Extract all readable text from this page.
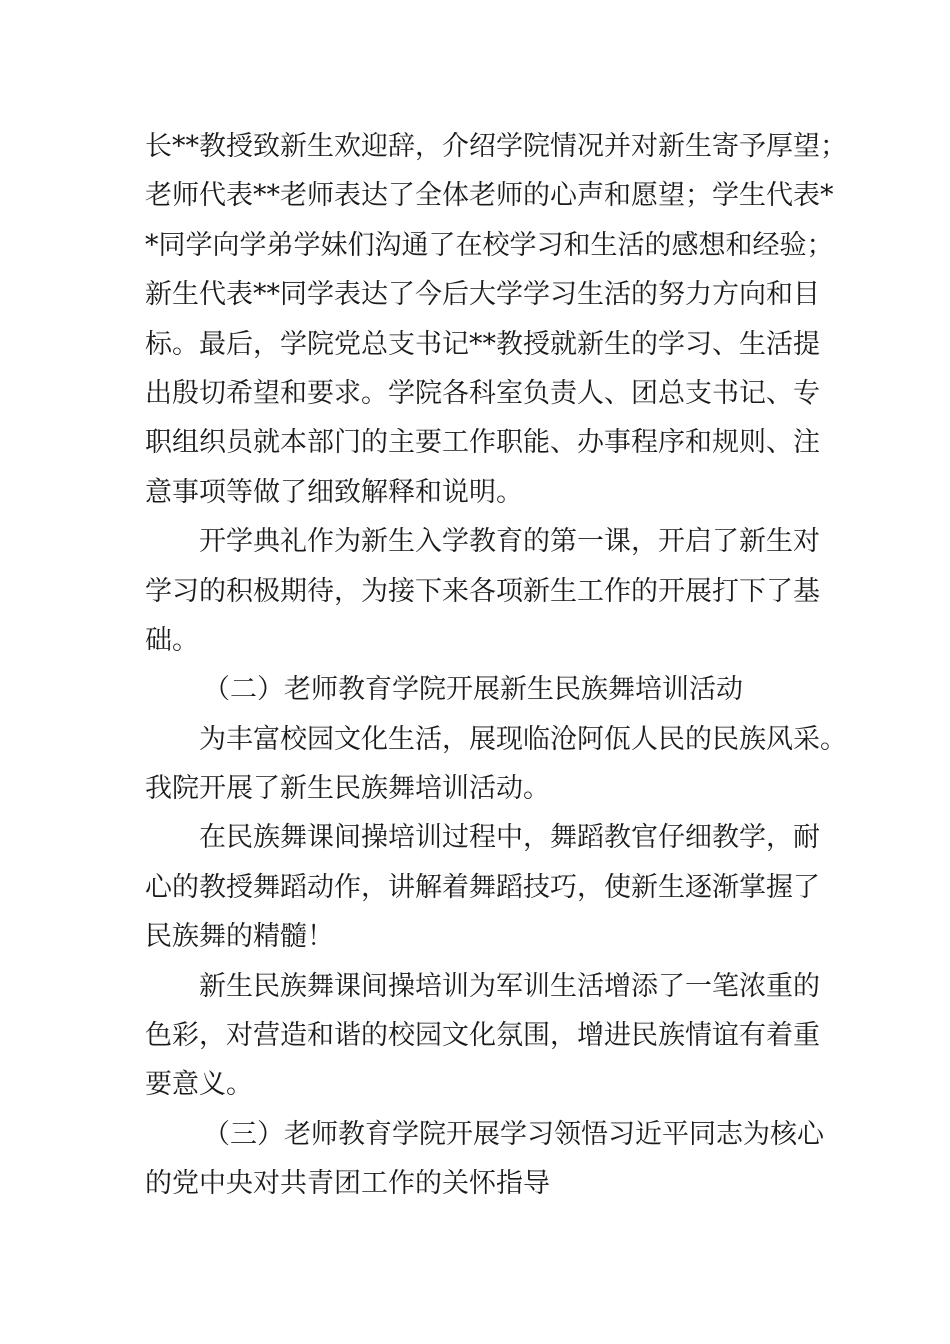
长**教授致新生欢迎辞，介绍学院情况并对新生寄予厚望；
老师代表**老师表达了全体老师的心声和愿望；学生代表*
*同学向学弟学妹们沟通了在校学习和生活的感想和经验；
新生代表**同学表达了今后大学学习生活的努力方向和目
标。最后，学院党总支书记**教授就新生的学习、生活提
出殷切希望和要求。学院各科室负责人、团总支书记、专
职组织员就本部门的主要工作职能、办事程序和规则、注
意事项等做了细致解释和说明。
开学典礼作为新生入学教育的第一课，开启了新生对
学习的积极期待，为接下来各项新生工作的开展打下了基
础。
（二）老师教育学院开展新生民族舞培训活动
为丰富校园文化生活，展现临沧阿佤人民的民族风采。
我院开展了新生民族舞培训活动。
在民族舞课间操培训过程中，舞蹈教官仔细教学，耐
心的教授舞蹈动作，讲解着舞蹈技巧，使新生逐渐掌握了
民族舞的精髓！
新生民族舞课间操培训为军训生活增添了一笔浓重的
色彩，对营造和谐的校园文化氛围，增进民族情谊有着重
要意义。
（三）老师教育学院开展学习领悟习近平同志为核心
的党中央对共青团工作的关怀指导
